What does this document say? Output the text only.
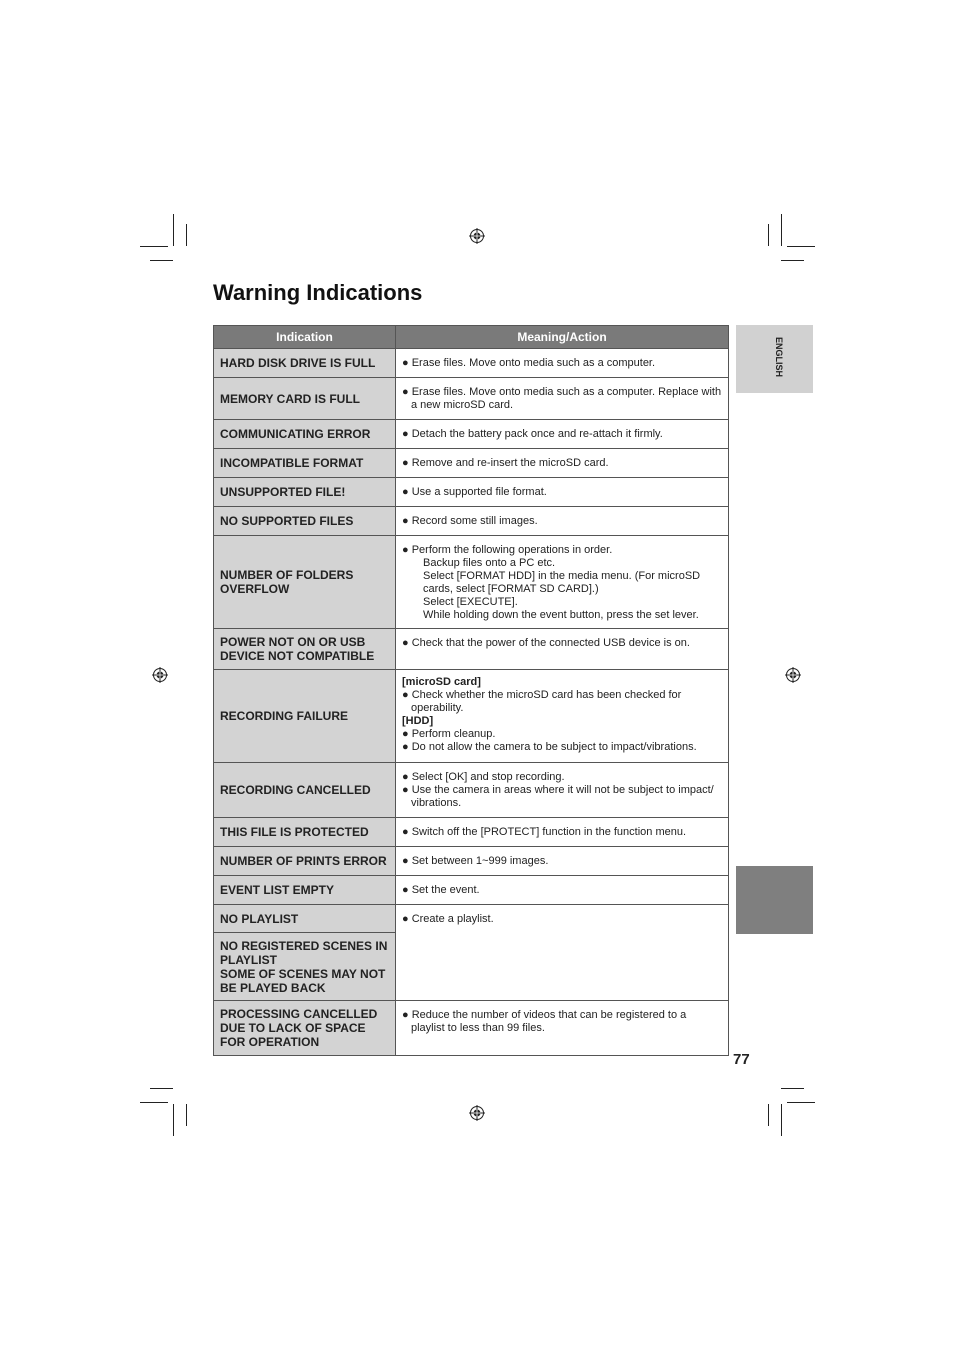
Warning Indications
ENGLISH
77
Indication	Meaning/Action
HARD DISK DRIVE IS FULL	● Erase files. Move onto media such as a computer.

MEMORY CARD IS FULL	● Erase files. Move onto media such as a computer. Replace with a new microSD card.

COMMUNICATING ERROR	● Detach the battery pack once and re-attach it firmly.

INCOMPATIBLE FORMAT	● Remove and re-insert the microSD card.

UNSUPPORTED FILE!	● Use a supported file format.

NO SUPPORTED FILES	● Record some still images.

NUMBER OF FOLDERS OVERFLOW	● Perform the following operations in order.
Backup files onto a PC etc.
Select [FORMAT HDD] in the media menu. (For microSD cards, select [FORMAT SD CARD].)
Select [EXECUTE].
While holding down the event button, press the set lever.

POWER NOT ON OR USB DEVICE NOT COMPATIBLE	● Check that the power of the connected USB device is on.

RECORDING FAILURE	[microSD card]
● Check whether the microSD card has been checked for operability.
[HDD]
● Perform cleanup.
● Do not allow the camera to be subject to impact/vibrations.

RECORDING CANCELLED	● Select [OK] and stop recording.
● Use the camera in areas where it will not be subject to impact/ vibrations.

THIS FILE IS PROTECTED	● Switch off the [PROTECT] function in the function menu.

NUMBER OF PRINTS ERROR	● Set between 1~999 images.

EVENT LIST EMPTY	● Set the event.

NO PLAYLIST	● Create a playlist.

NO REGISTERED SCENES IN PLAYLIST
SOME OF SCENES MAY NOT BE PLAYED BACK	

PROCESSING CANCELLED DUE TO LACK OF SPACE FOR OPERATION	● Reduce the number of videos that can be registered to a playlist to less than 99 files.
